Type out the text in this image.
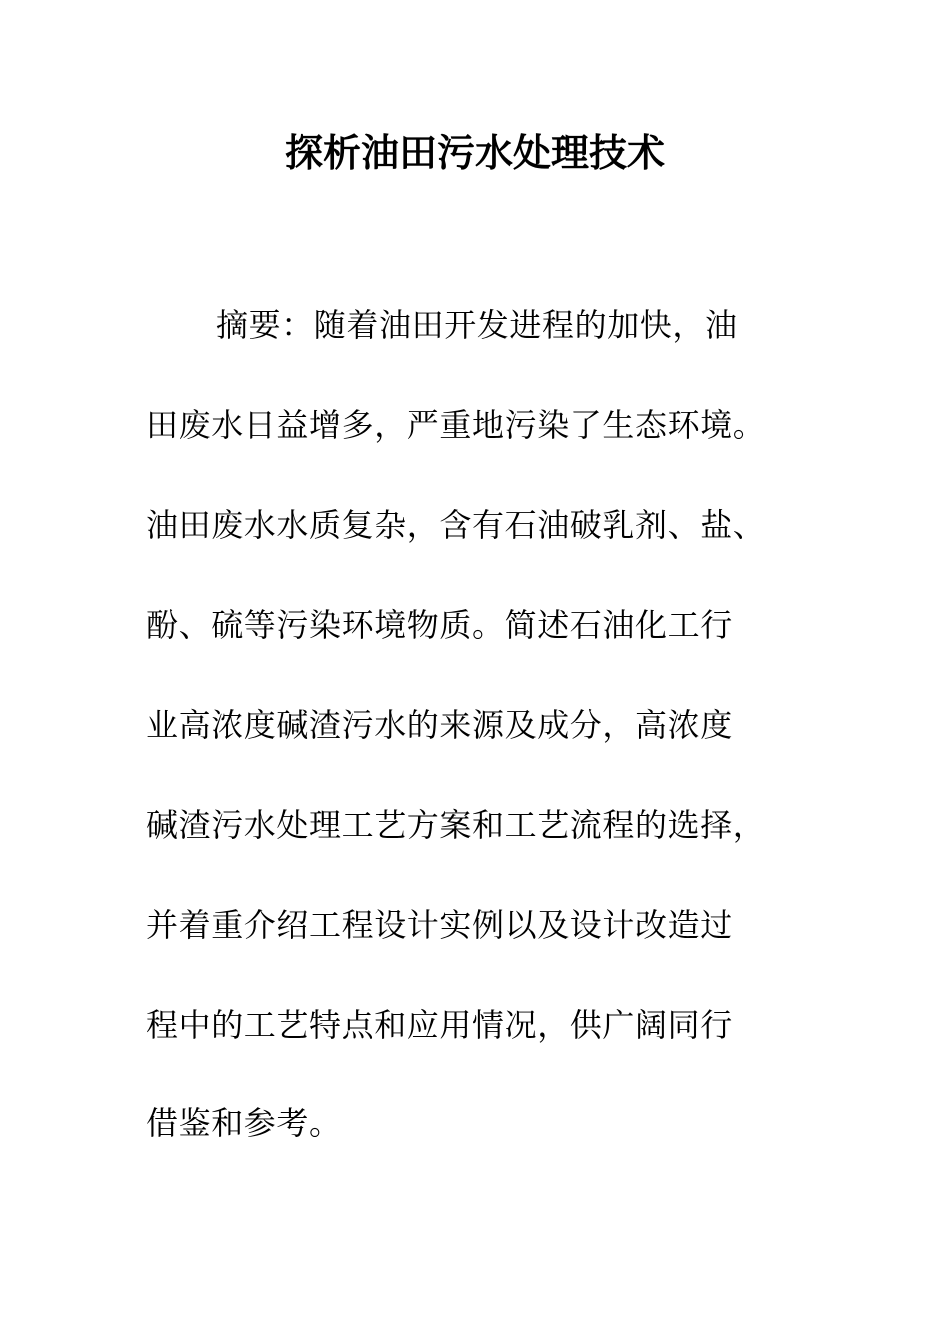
探析油田污水处理技术
摘要：随着油田开发进程的加快，油
田废水日益增多，严重地污染了生态环境。
油田废水水质复杂，含有石油破乳剂、盐、
酚、硫等污染环境物质。简述石油化工行
业高浓度碱渣污水的来源及成分，高浓度
碱渣污水处理工艺方案和工艺流程的选择，
并着重介绍工程设计实例以及设计改造过
程中的工艺特点和应用情况，供广阔同行
借鉴和参考。
